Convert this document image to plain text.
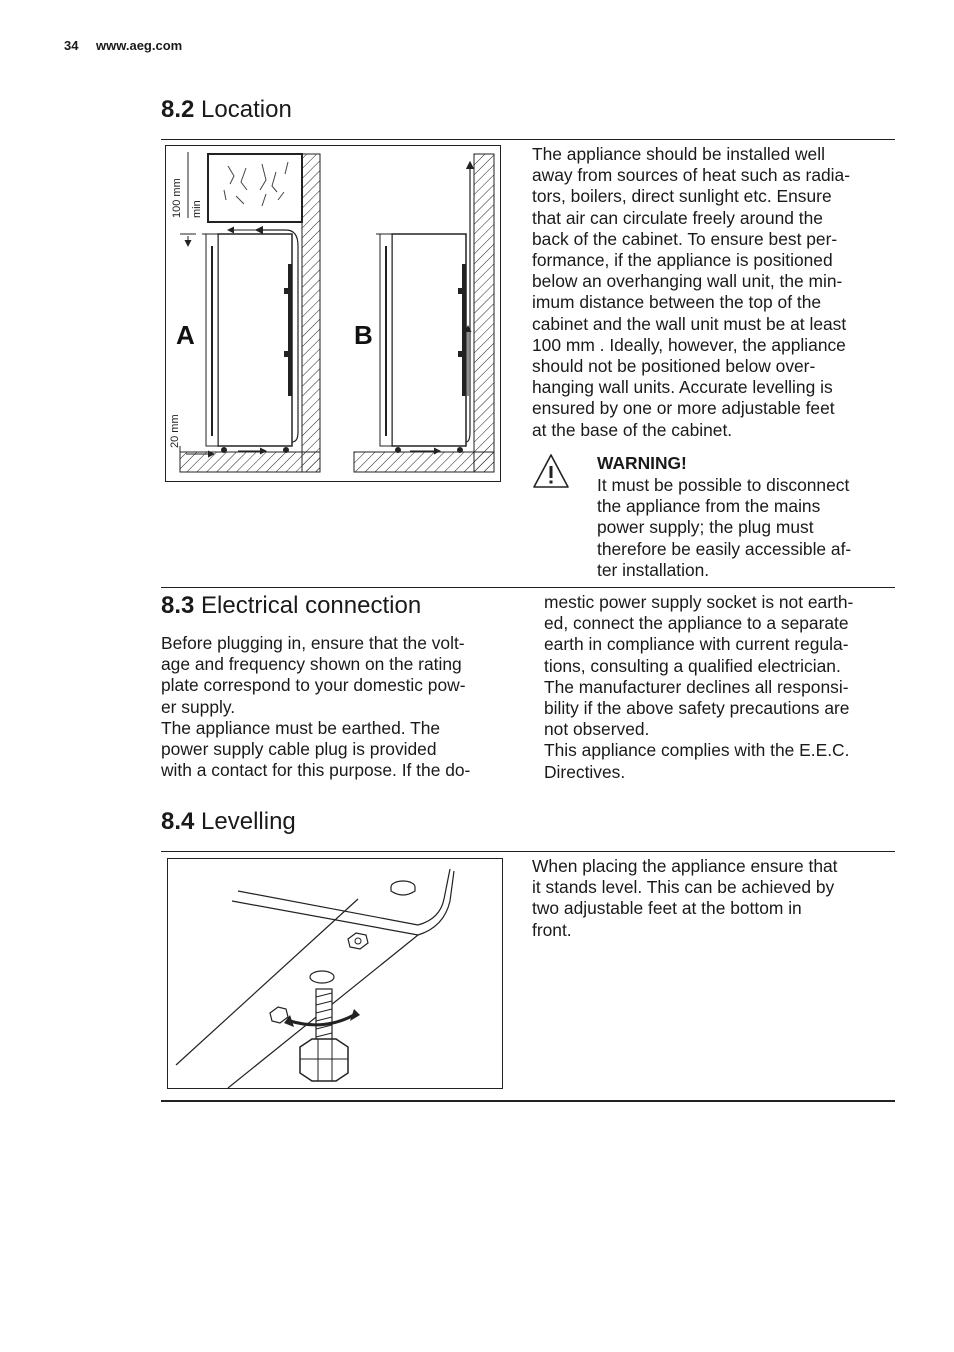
34 www.aeg.com
8.2 Location
100 mm min
20 mm
A	B

The appliance should be installed well
away from sources of heat such as radia-
tors, boilers, direct sunlight etc. Ensure
that air can circulate freely around the
back of the cabinet. To ensure best per-
formance, if the appliance is positioned
below an overhanging wall unit, the min-
imum distance between the top of the
cabinet and the wall unit must be at least
100 mm . Ideally, however, the appliance
should not be positioned below over-
hanging wall units. Accurate levelling is
ensured by one or more adjustable feet
at the base of the cabinet.

WARNING!

It must be possible to disconnect
the appliance from the mains
power supply; the plug must
therefore be easily accessible af-
ter installation.

8.3 Electrical connection

Before plugging in, ensure that the volt-
age and frequency shown on the rating
plate correspond to your domestic pow-
er supply.
The appliance must be earthed. The
power supply cable plug is provided
with a contact for this purpose. If the do-

mestic power supply socket is not earth-
ed, connect the appliance to a separate
earth in compliance with current regula-
tions, consulting a qualified electrician.
The manufacturer declines all responsi-
bility if the above safety precautions are
not observed.
This appliance complies with the E.E.C.
Directives.

8.4 Levelling

When placing the appliance ensure that
it stands level. This can be achieved by
two adjustable feet at the bottom in
front.
